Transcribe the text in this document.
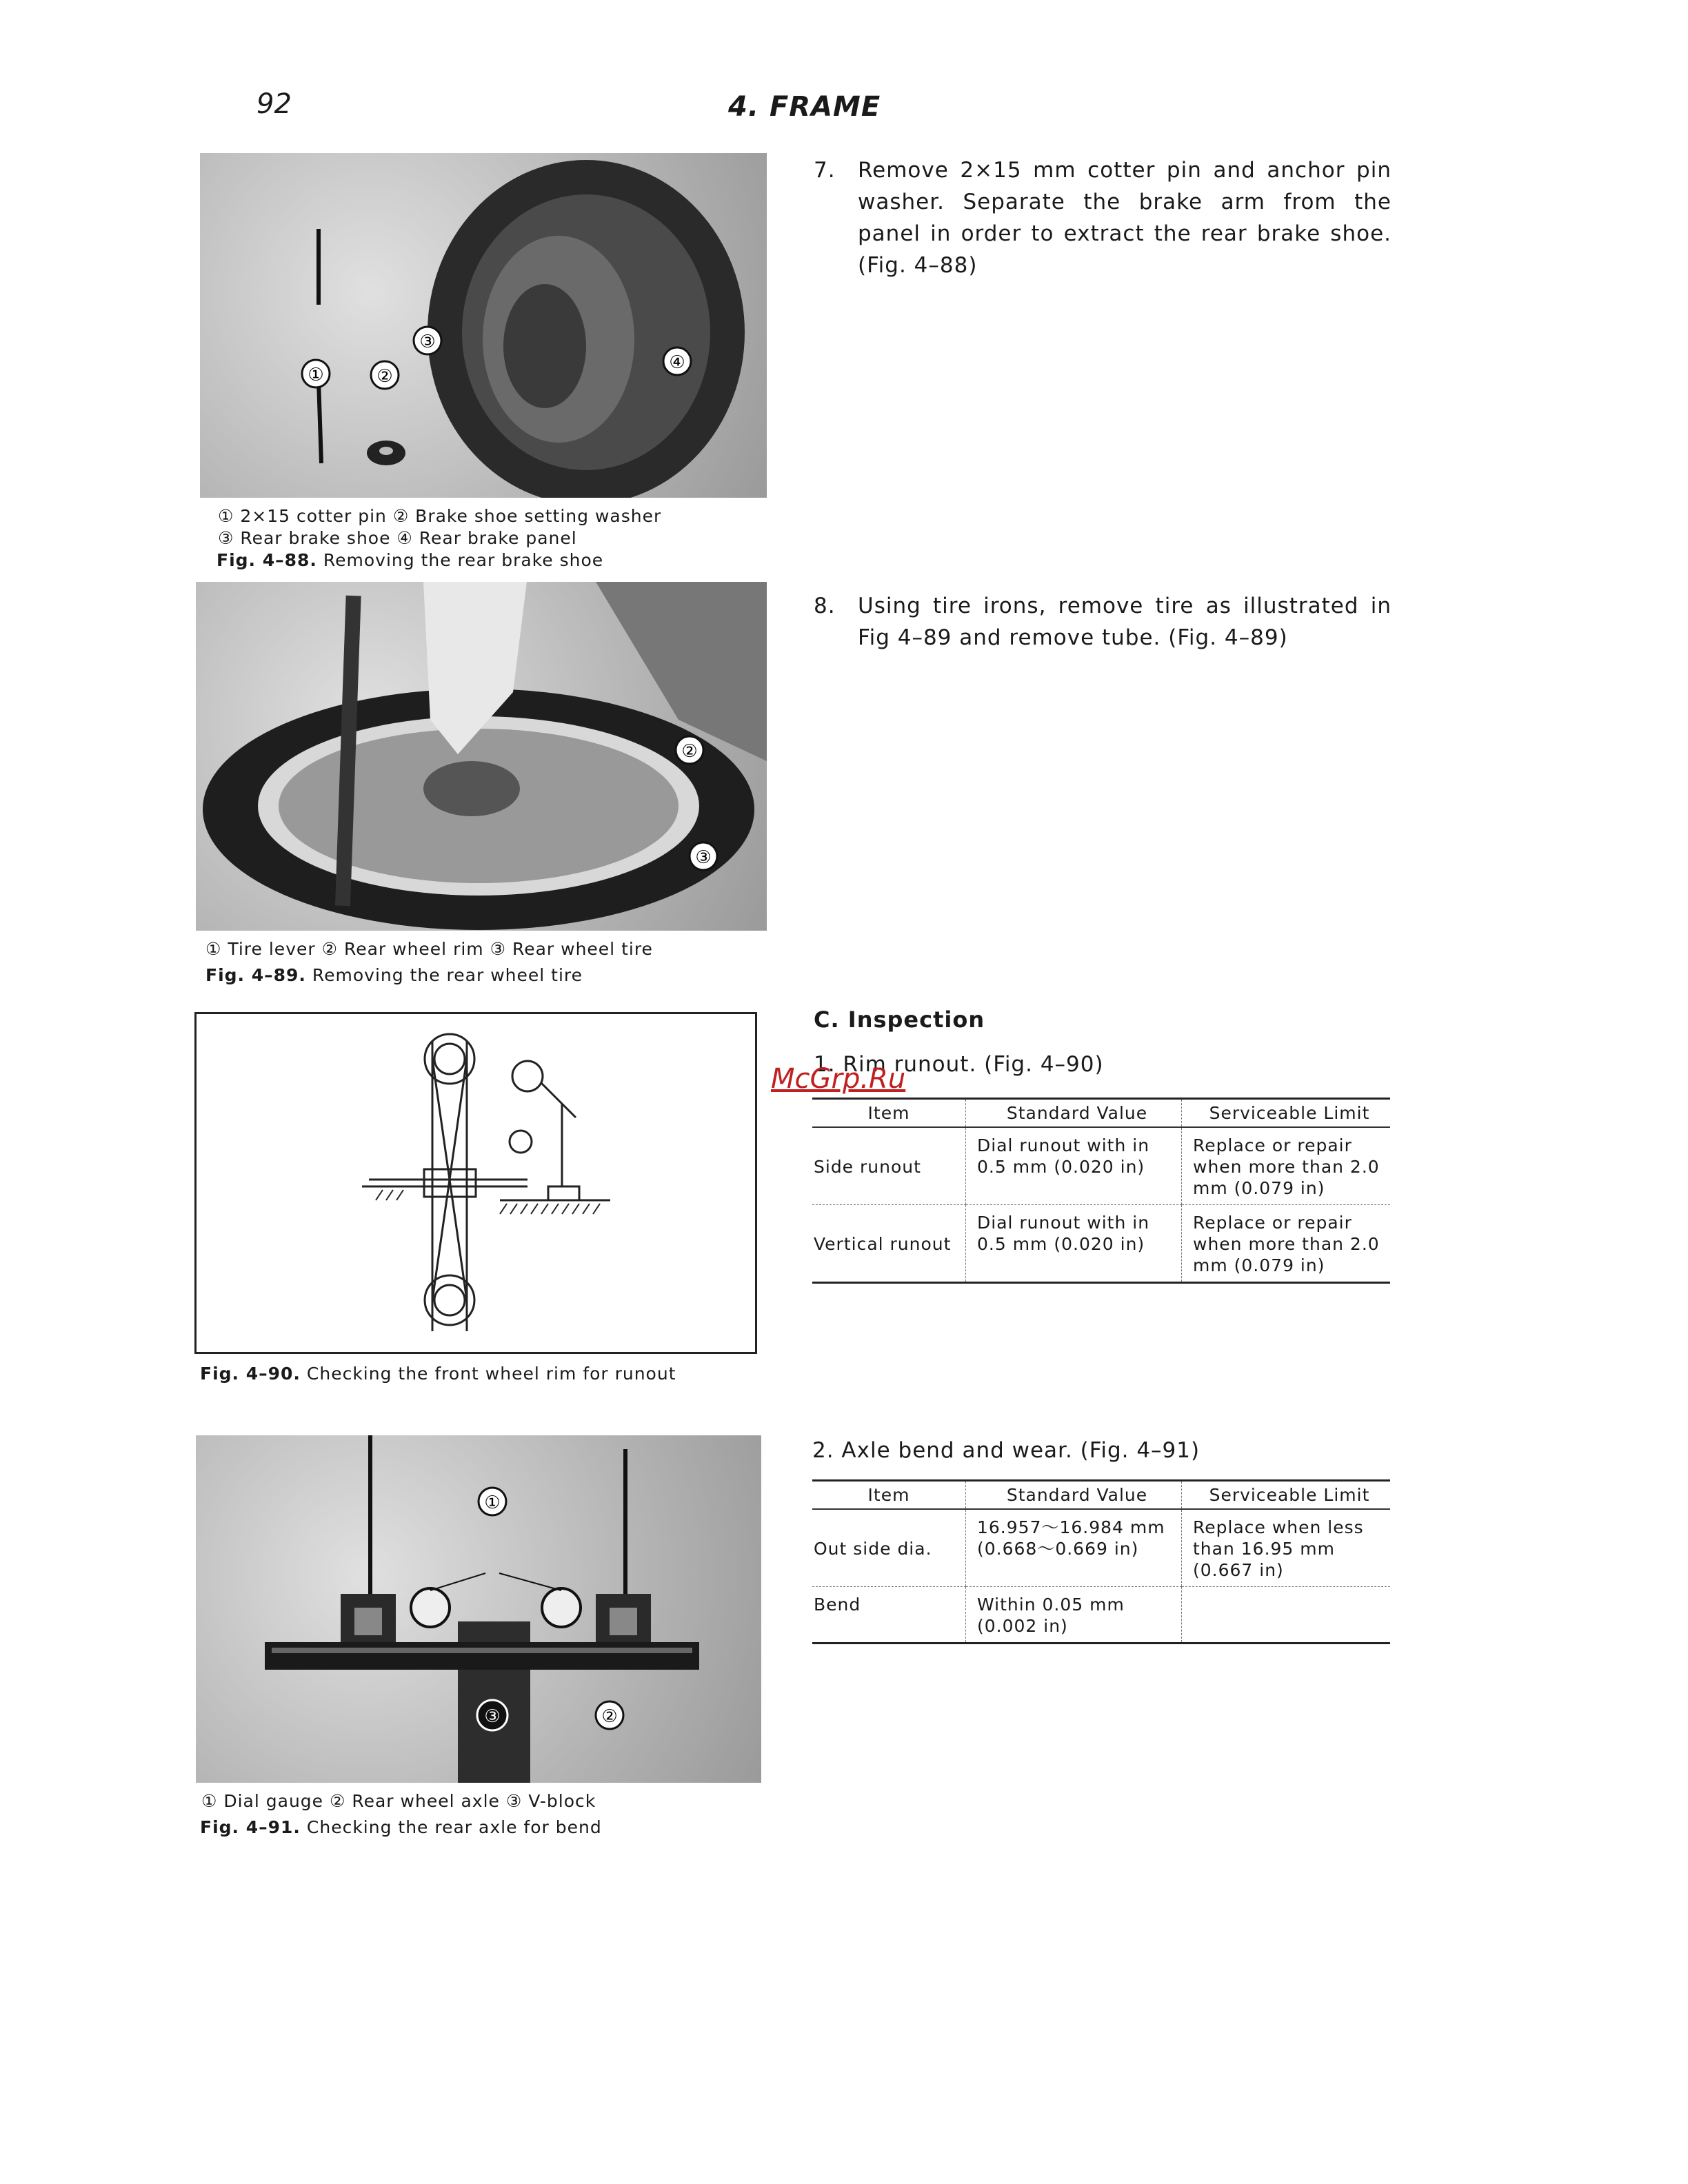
92	4. FRAME
①	②
③
④
① 2×15 cotter pin ② Brake shoe setting washer
③ Rear brake shoe ④ Rear brake panel
Fig. 4–88. Removing the rear brake shoe
②
③
① Tire lever ② Rear wheel rim ③ Rear wheel tire
Fig. 4–89. Removing the rear wheel tire
Fig. 4–90. Checking the front wheel rim for runout
①
②
③
① Dial gauge ② Rear wheel axle ③ V-block
Fig. 4–91. Checking the rear axle for bend
7. Remove 2×15 mm cotter pin and anchor pin washer. Separate the brake arm from the panel in order to extract the rear brake shoe. (Fig. 4–88)
8. Using tire irons, remove tire as illustrated in Fig 4–89 and remove tube. (Fig. 4–89)
C. Inspection
1. Rim runout. (Fig. 4–90)
McGrp.Ru
Item	Standard Value	Serviceable Limit
Side runout	Dial runout with in 0.5 mm (0.020 in)	Replace or repair when more than 2.0 mm (0.079 in)
Vertical runout	Dial runout with in 0.5 mm (0.020 in)	Replace or repair when more than 2.0 mm (0.079 in)
2. Axle bend and wear. (Fig. 4–91)
Item	Standard Value	Serviceable Limit
Out side dia.	16.957～16.984 mm (0.668～0.669 in)	Replace when less than 16.95 mm (0.667 in)
Bend	Within 0.05 mm (0.002 in)	
